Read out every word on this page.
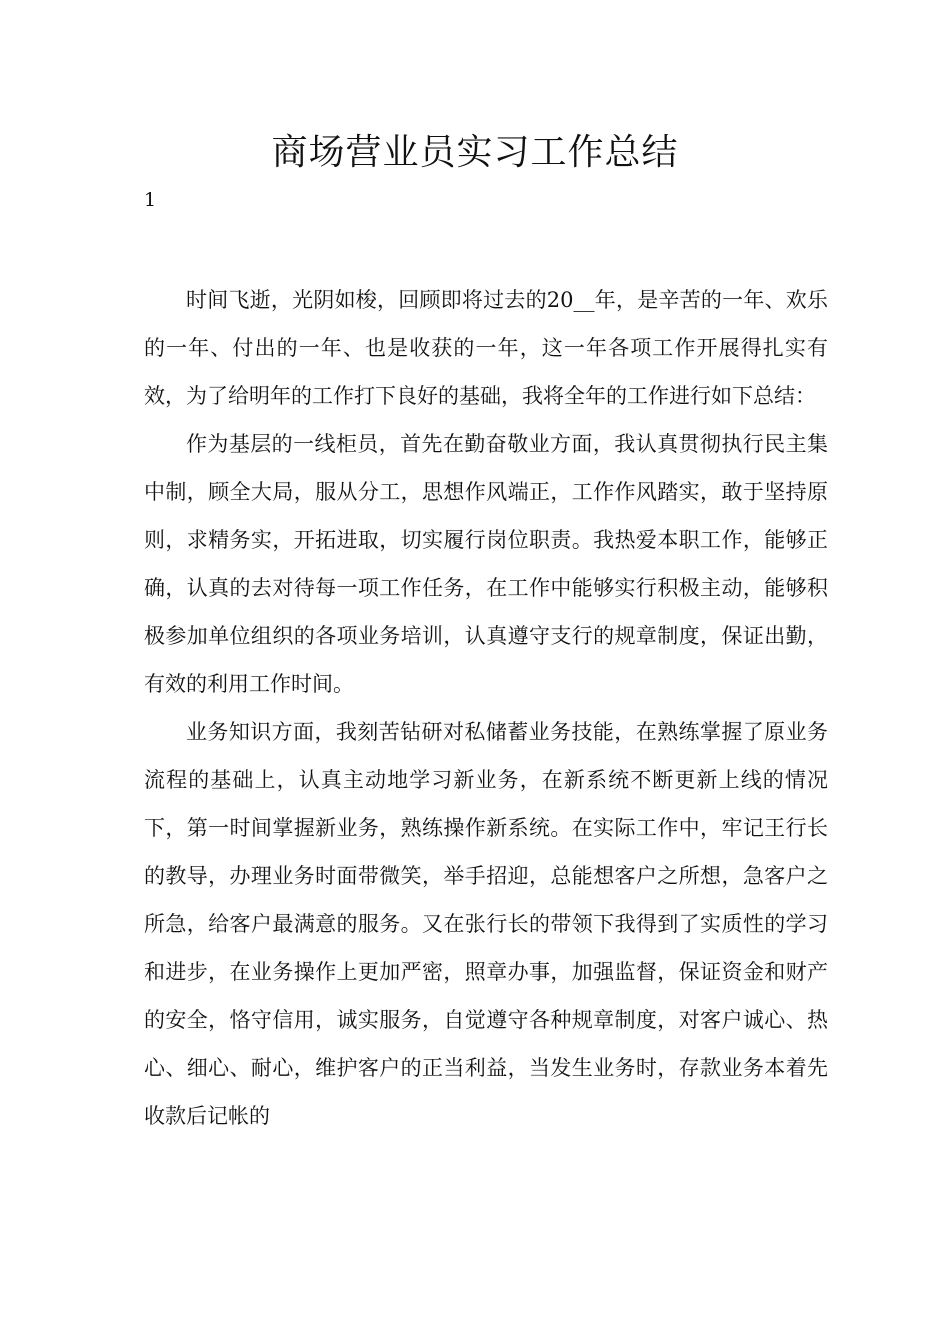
商场营业员实习工作总结
1

时间飞逝，光阴如梭，回顾即将过去的20__年，是辛苦的一年、欢乐的一年、付出的一年、也是收获的一年，这一年各项工作开展得扎实有效，为了给明年的工作打下良好的基础，我将全年的工作进行如下总结：

作为基层的一线柜员，首先在勤奋敬业方面，我认真贯彻执行民主集中制，顾全大局，服从分工，思想作风端正，工作作风踏实，敢于坚持原则，求精务实，开拓进取，切实履行岗位职责。我热爱本职工作，能够正确，认真的去对待每一项工作任务，在工作中能够实行积极主动，能够积极参加单位组织的各项业务培训，认真遵守支行的规章制度，保证出勤，有效的利用工作时间。

业务知识方面，我刻苦钻研对私储蓄业务技能，在熟练掌握了原业务流程的基础上，认真主动地学习新业务，在新系统不断更新上线的情况下，第一时间掌握新业务，熟练操作新系统。在实际工作中，牢记王行长的教导，办理业务时面带微笑，举手招迎，总能想客户之所想，急客户之所急，给客户最满意的服务。又在张行长的带领下我得到了实质性的学习和进步，在业务操作上更加严密，照章办事，加强监督，保证资金和财产的安全，恪守信用，诚实服务，自觉遵守各种规章制度，对客户诚心、热心、细心、耐心，维护客户的正当利益，当发生业务时，存款业务本着先收款后记帐的
